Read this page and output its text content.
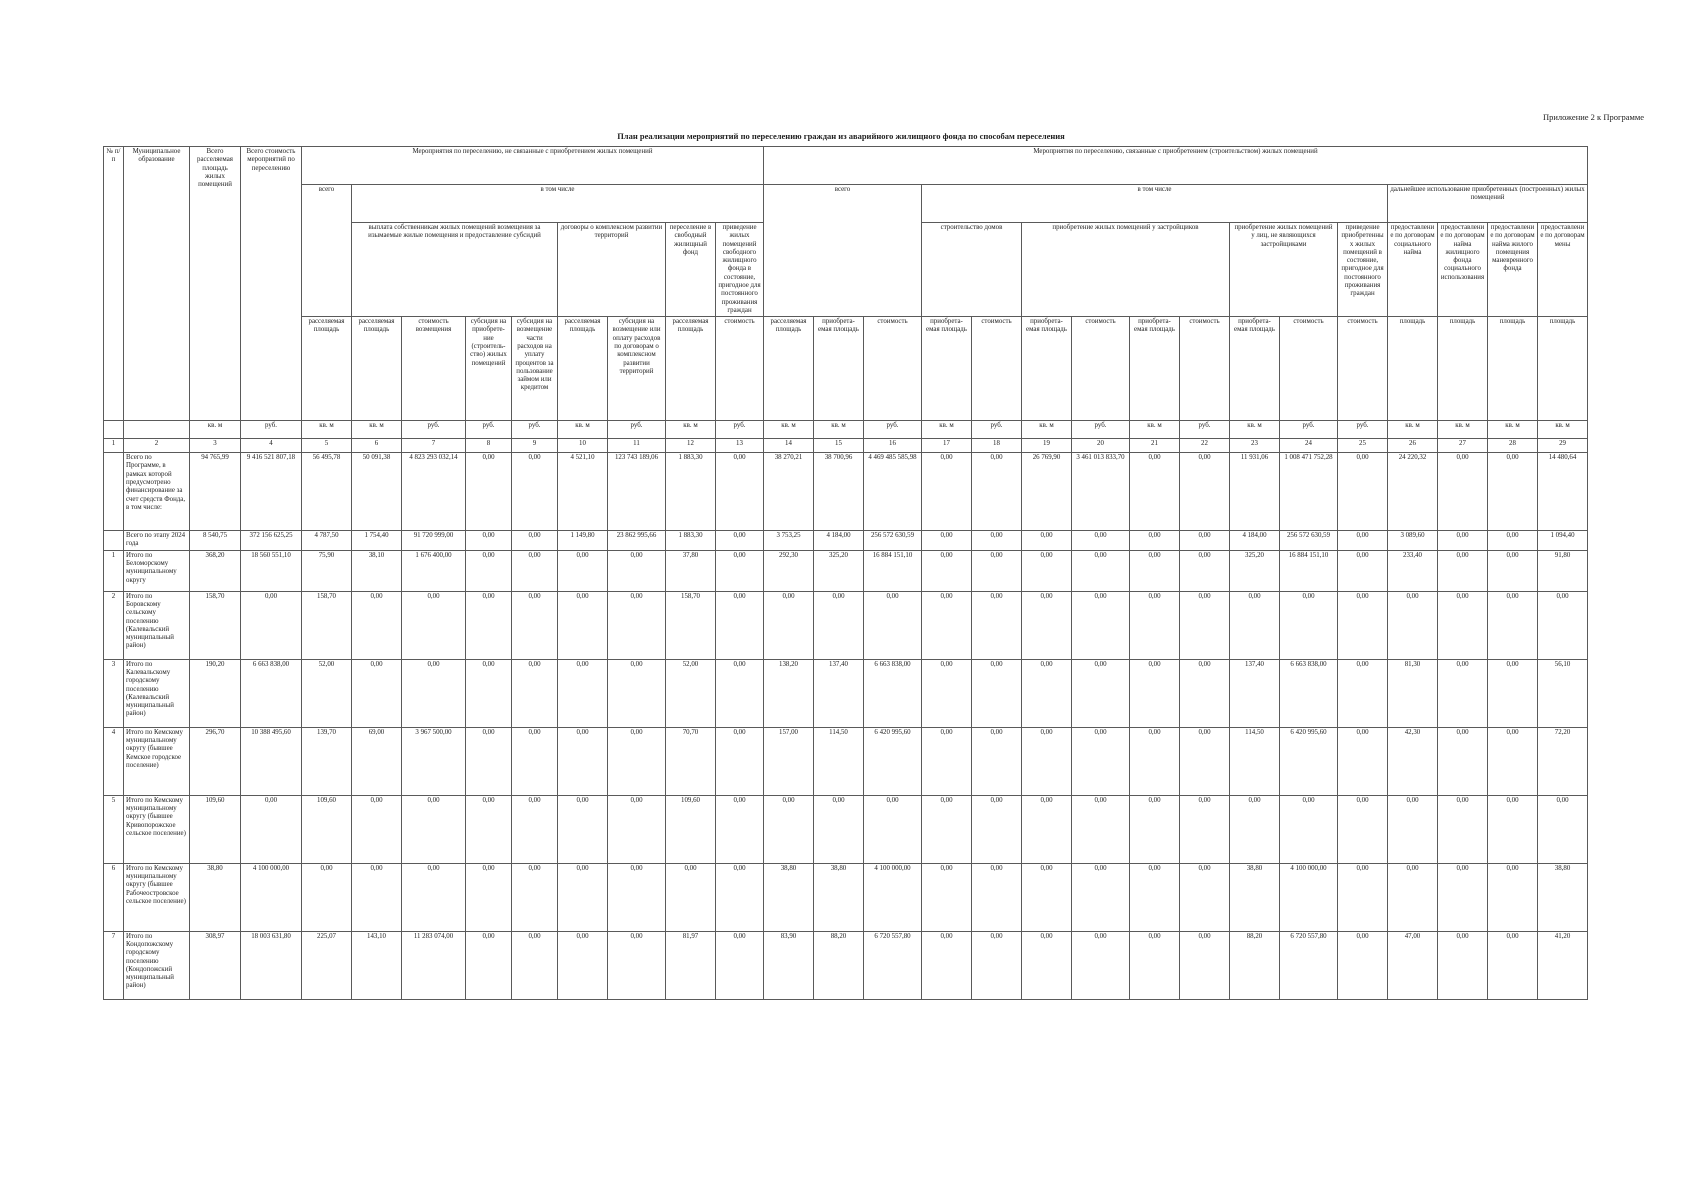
Приложение 2 к Программе
План реализации мероприятий по переселению граждан из аварийного жилищного фонда по способам переселения
№ п/п	Муниципальное образование	Всего расселяемая площадь жилых помещений	Всего стоимость мероприятий по переселению	Мероприятия по переселению, не связанные с приобретением жилых помещений									Мероприятия по переселению, связанные с приобретением (строительством) жилых помещений															
				всего	в том числе								всего			в том числе									дальнейшее использование приобретенных (построенных) жилых помещений			
					выплата собственникам жилых помещений возмещения за изымаемые жилые помещения и предоставление субсидий				договоры о комплексном развитии территорий		переселение в свободный жилищный фонд	приведение жилых помещений свободного жилищного фонда в состояние, пригодное для постоянного проживания граждан				строительство домов		приобретение жилых помещений у застройщиков				приобретение жилых помещений у лиц, не являющихся застройщиками		приведение приобретенных жилых помещений в состояние, пригодное для постоянного проживания граждан	предоставление по договорам социального найма	предоставление по договорам найма жилищного фонда социального использования	предоставление по договорам найма жилого помещения маневренного фонда	предоставление по договорам мены

				расселяемая площадь	расселяемая площадь	стоимость возмещения	субсидия на приобрете-ние (строитель-ство) жилых помещений	субсидия на возмещение части расходов на уплату процентов за пользование займом или кредитом	расселяемая площадь	субсидия на возмещение или оплату расходов по договорам о комплексном развитии территорий	расселяемая площадь	стоимость	расселяемая площадь	приобрета-емая площадь	стоимость	приобрета-емая площадь	стоимость	приобрета-емая площадь	стоимость	приобрета-емая площадь	стоимость	приобрета-емая площадь	стоимость	стоимость	площадь	площадь	площадь	площадь
		кв. м	руб.	кв. м	кв. м	руб.	руб.	руб.	кв. м	руб.	кв. м	руб.	кв. м	кв. м	руб.	кв. м	руб.	кв. м	руб.	кв. м	руб.	кв. м	руб.	руб.	кв. м	кв. м	кв. м	кв. м
1	2	3	4	5	6	7	8	9	10	11	12	13	14	15	16	17	18	19	20	21	22	23	24	25	26	27	28	29
	Всего по Программе, в рамках которой предусмотрено финансирование за счет средств Фонда, в том числе:	94 765,99	9 416 521 807,18	56 495,78	50 091,38	4 823 293 032,14	0,00	0,00	4 521,10	123 743 189,06	1 883,30	0,00	38 270,21	38 700,96	4 469 485 585,98	0,00	0,00	26 769,90	3 461 013 833,70	0,00	0,00	11 931,06	1 008 471 752,28	0,00	24 220,32	0,00	0,00	14 480,64
	Всего по этапу 2024 года	8 540,75	372 156 625,25	4 787,50	1 754,40	91 720 999,00	0,00	0,00	1 149,80	23 862 995,66	1 883,30	0,00	3 753,25	4 184,00	256 572 630,59	0,00	0,00	0,00	0,00	0,00	0,00	4 184,00	256 572 630,59	0,00	3 089,60	0,00	0,00	1 094,40
1	Итого по Беломорскому муниципальному округу	368,20	18 560 551,10	75,90	38,10	1 676 400,00	0,00	0,00	0,00	0,00	37,80	0,00	292,30	325,20	16 884 151,10	0,00	0,00	0,00	0,00	0,00	0,00	325,20	16 884 151,10	0,00	233,40	0,00	0,00	91,80
2	Итого по Боровскому сельскому поселению (Калевальский муниципальный район)	158,70	0,00	158,70	0,00	0,00	0,00	0,00	0,00	0,00	158,70	0,00	0,00	0,00	0,00	0,00	0,00	0,00	0,00	0,00	0,00	0,00	0,00	0,00	0,00	0,00	0,00	0,00
3	Итого по Калевальскому городскому поселению (Калевальский муниципальный район)	190,20	6 663 838,00	52,00	0,00	0,00	0,00	0,00	0,00	0,00	52,00	0,00	138,20	137,40	6 663 838,00	0,00	0,00	0,00	0,00	0,00	0,00	137,40	6 663 838,00	0,00	81,30	0,00	0,00	56,10
4	Итого по Кемскому муниципальному округу (бывшее Кемское городское поселение)	296,70	10 388 495,60	139,70	69,00	3 967 500,00	0,00	0,00	0,00	0,00	70,70	0,00	157,00	114,50	6 420 995,60	0,00	0,00	0,00	0,00	0,00	0,00	114,50	6 420 995,60	0,00	42,30	0,00	0,00	72,20
5	Итого по Кемскому муниципальному округу (бывшее Кривопорожское сельское поселение)	109,60	0,00	109,60	0,00	0,00	0,00	0,00	0,00	0,00	109,60	0,00	0,00	0,00	0,00	0,00	0,00	0,00	0,00	0,00	0,00	0,00	0,00	0,00	0,00	0,00	0,00	0,00
6	Итого по Кемскому муниципальному округу (бывшее Рабочеостровское сельское поселение)	38,80	4 100 000,00	0,00	0,00	0,00	0,00	0,00	0,00	0,00	0,00	0,00	38,80	38,80	4 100 000,00	0,00	0,00	0,00	0,00	0,00	0,00	38,80	4 100 000,00	0,00	0,00	0,00	0,00	38,80
7	Итого по Кондопожскому городскому поселению (Кондопожский муниципальный район)	308,97	18 003 631,80	225,07	143,10	11 283 074,00	0,00	0,00	0,00	0,00	81,97	0,00	83,90	88,20	6 720 557,80	0,00	0,00	0,00	0,00	0,00	0,00	88,20	6 720 557,80	0,00	47,00	0,00	0,00	41,20
